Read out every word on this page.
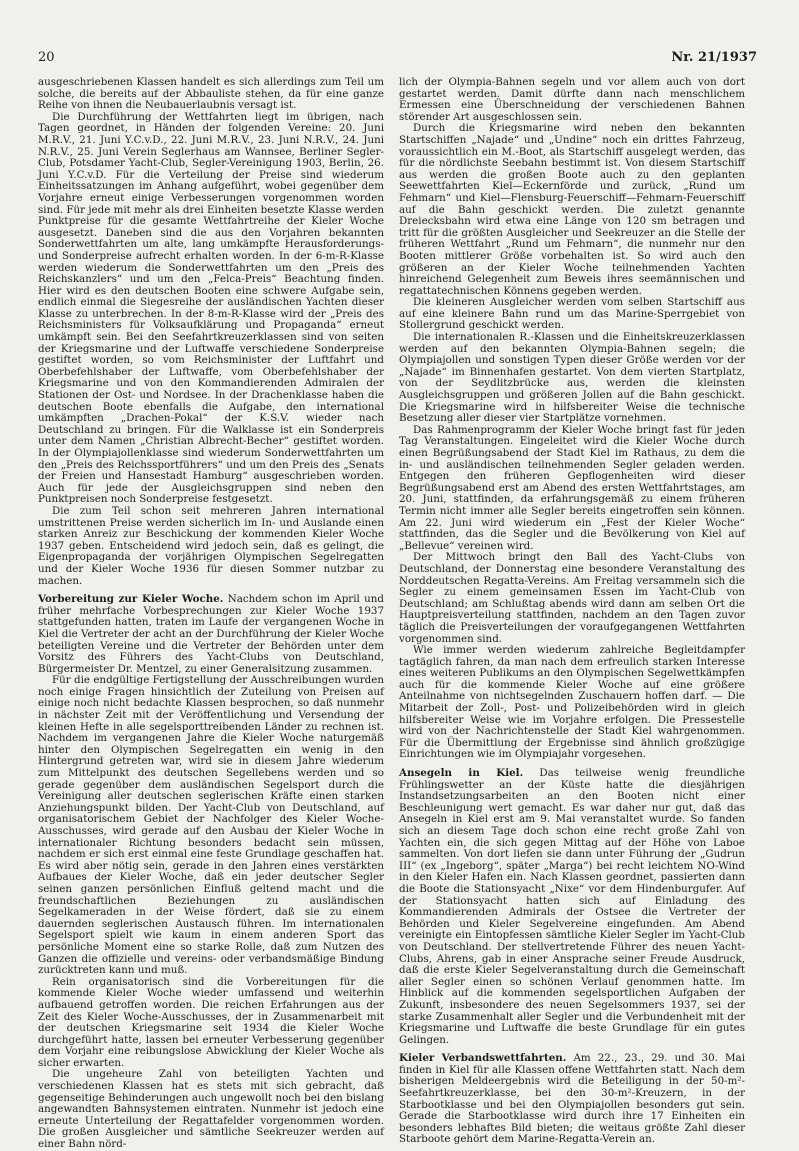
20	Nr. 21/1937

ausgeschriebenen Klassen handelt es sich allerdings zum Teil um solche, die bereits auf der Abbauliste stehen, da für eine ganze Reihe von ihnen die Neubauerlaubnis versagt ist.

Die Durchführung der Wettfahrten liegt im übrigen, nach Tagen geordnet, in Händen der folgenden Vereine: 20. Juni M.R.V., 21. Juni Y.C.v.D., 22. Juni M.R.V., 23. Juni N.R.V., 24. Juni N.R.V., 25. Juni Verein Seglerhaus am Wannsee, Berliner Segler-Club, Potsdamer Yacht-Club, Segler-Vereinigung 1903, Berlin, 26. Juni Y.C.v.D. Für die Verteilung der Preise sind wiederum Einheitssatzungen im Anhang aufgeführt, wobei gegenüber dem Vorjahre erneut einige Verbesserungen vorgenommen worden sind. Für jede mit mehr als drei Einheiten besetzte Klasse werden Punktpreise für die gesamte Wettfahrtreihe der Kieler Woche ausgesetzt. Daneben sind die aus den Vorjahren bekannten Sonderwettfahrten um alte, lang umkämpfte Herausforderungs- und Sonderpreise aufrecht erhalten worden. In der 6-m-R-Klasse werden wiederum die Sonderwettfahrten um den „Preis des Reichskanzlers“ und um den „Felca-Preis“ Beachtung finden. Hier wird es den deutschen Booten eine schwere Aufgabe sein, endlich einmal die Siegesreihe der ausländischen Yachten dieser Klasse zu unterbrechen. In der 8-m-R-Klasse wird der „Preis des Reichsministers für Volksaufklärung und Propaganda“ erneut umkämpft sein. Bei den Seefahrtkreuzerklassen sind von seiten der Kriegsmarine und der Luftwaffe verschiedene Sonderpreise gestiftet worden, so vom Reichsminister der Luftfahrt und Oberbefehlshaber der Luftwaffe, vom Oberbefehlshaber der Kriegsmarine und von den Kommandierenden Admiralen der Stationen der Ost- und Nordsee. In der Drachenklasse haben die deutschen Boote ebenfalls die Aufgabe, den international umkämpften „Drachen-Pokal“ der K.S.V. wieder nach Deutschland zu bringen. Für die Walklasse ist ein Sonderpreis unter dem Namen „Christian Albrecht-Becher“ gestiftet worden. In der Olympiajollenklasse sind wiederum Sonderwettfahrten um den „Preis des Reichssportführers“ und um den Preis des „Senats der Freien und Hansestadt Hamburg“ ausgeschrieben worden. Auch für jede der Ausgleichsgruppen sind neben den Punktpreisen noch Sonderpreise festgesetzt.

Die zum Teil schon seit mehreren Jahren international umstrittenen Preise werden sicherlich im In- und Auslande einen starken Anreiz zur Beschickung der kommenden Kieler Woche 1937 geben. Entscheidend wird jedoch sein, daß es gelingt, die Eigenpropaganda der vorjährigen Olympischen Segelregatten und der Kieler Woche 1936 für diesen Sommer nutzbar zu machen.

Vorbereitung zur Kieler Woche. Nachdem schon im April und früher mehrfache Vorbesprechungen zur Kieler Woche 1937 stattgefunden hatten, traten im Laufe der vergangenen Woche in Kiel die Vertreter der acht an der Durchführung der Kieler Woche beteiligten Vereine und die Vertreter der Behörden unter dem Vorsitz des Führers des Yacht-Clubs von Deutschland, Bürgermeister Dr. Mentzel, zu einer Generalsitzung zusammen.

Für die endgültige Fertigstellung der Ausschreibungen wurden noch einige Fragen hinsichtlich der Zuteilung von Preisen auf einige noch nicht bedachte Klassen besprochen, so daß nunmehr in nächster Zeit mit der Veröffentlichung und Versendung der kleinen Hefte in alle segelsporttreibenden Länder zu rechnen ist. Nachdem im vergangenen Jahre die Kieler Woche naturgemäß hinter den Olympischen Segelregatten ein wenig in den Hintergrund getreten war, wird sie in diesem Jahre wiederum zum Mittelpunkt des deutschen Segellebens werden und so gerade gegenüber dem ausländischen Segelsport durch die Vereinigung aller deutschen seglerischen Kräfte einen starken Anziehungspunkt bilden. Der Yacht-Club von Deutschland, auf organisatorischem Gebiet der Nachfolger des Kieler Woche-Ausschusses, wird gerade auf den Ausbau der Kieler Woche in internationaler Richtung besonders bedacht sein müssen, nachdem er sich erst einmal eine feste Grundlage geschaffen hat. Es wird aber nötig sein, gerade in den Jahren eines verstärkten Aufbaues der Kieler Woche, daß ein jeder deutscher Segler seinen ganzen persönlichen Einfluß geltend macht und die freundschaftlichen Beziehungen zu ausländischen Segelkameraden in der Weise fördert, daß sie zu einem dauernden seglerischen Austausch führen. Im internationalen Segelsport spielt wie kaum in einem anderen Sport das persönliche Moment eine so starke Rolle, daß zum Nutzen des Ganzen die offizielle und vereins- oder verbandsmäßige Bindung zurücktreten kann und muß.

Rein organisatorisch sind die Vorbereitungen für die kommende Kieler Woche wieder umfassend und weiterhin aufbauend getroffen worden. Die reichen Erfahrungen aus der Zeit des Kieler Woche-Ausschusses, der in Zusammenarbeit mit der deutschen Kriegsmarine seit 1934 die Kieler Woche durchgeführt hatte, lassen bei erneuter Verbesserung gegenüber dem Vorjahr eine reibungslose Abwicklung der Kieler Woche als sicher erwarten.

Die ungeheure Zahl von beteiligten Yachten und verschiedenen Klassen hat es stets mit sich gebracht, daß gegenseitige Behinderungen auch ungewollt noch bei den bislang angewandten Bahnsystemen eintraten. Nunmehr ist jedoch eine erneute Unterteilung der Regattafelder vorgenommen worden. Die großen Ausgleicher und sämtliche Seekreuzer werden auf einer Bahn nörd-

lich der Olympia-Bahnen segeln und vor allem auch von dort gestartet werden. Damit dürfte dann nach menschlichem Ermessen eine Überschneidung der verschiedenen Bahnen störender Art ausgeschlossen sein.

Durch die Kriegsmarine wird neben den bekannten Startschiffen „Najade“ und „Undine“ noch ein drittes Fahrzeug, voraussichtlich ein M.-Boot, als Startschiff ausgelegt werden, das für die nördlichste Seebahn bestimmt ist. Von diesem Startschiff aus werden die großen Boote auch zu den geplanten Seewettfahrten Kiel—Eckernförde und zurück, „Rund um Fehmarn“ und Kiel—Flensburg-Feuerschiff—Fehmarn-Feuerschiff auf die Bahn geschickt werden. Die zuletzt genannte Dreiecksbahn wird etwa eine Länge von 120 sm betragen und tritt für die größten Ausgleicher und Seekreuzer an die Stelle der früheren Wettfahrt „Rund um Fehmarn“, die nunmehr nur den Booten mittlerer Größe vorbehalten ist. So wird auch den größeren an der Kieler Woche teilnehmenden Yachten hinreichend Gelegenheit zum Beweis ihres seemännischen und regattatechnischen Könnens gegeben werden.

Die kleineren Ausgleicher werden vom selben Startschiff aus auf eine kleinere Bahn rund um das Marine-Sperrgebiet von Stollergrund geschickt werden.

Die internationalen R.-Klassen und die Einheitskreuzerklassen werden auf den bekannten Olympia-Bahnen segeln; die Olympiajollen und sonstigen Typen dieser Größe werden vor der „Najade“ im Binnenhafen gestartet. Von dem vierten Startplatz, von der Seydlitzbrücke aus, werden die kleinsten Ausgleichsgruppen und größeren Jollen auf die Bahn geschickt. Die Kriegsmarine wird in hilfsbereiter Weise die technische Besetzung aller dieser vier Startplätze vornehmen.

Das Rahmenprogramm der Kieler Woche bringt fast für jeden Tag Veranstaltungen. Eingeleitet wird die Kieler Woche durch einen Begrüßungsabend der Stadt Kiel im Rathaus, zu dem die in- und ausländischen teilnehmenden Segler geladen werden. Entgegen den früheren Gepflogenheiten wird dieser Begrüßungsabend erst am Abend des ersten Wettfahrtstages, am 20. Juni, stattfinden, da erfahrungsgemäß zu einem früheren Termin nicht immer alle Segler bereits eingetroffen sein können. Am 22. Juni wird wiederum ein „Fest der Kieler Woche“ stattfinden, das die Segler und die Bevölkerung von Kiel auf „Bellevue“ vereinen wird.

Der Mittwoch bringt den Ball des Yacht-Clubs von Deutschland, der Donnerstag eine besondere Veranstaltung des Norddeutschen Regatta-Vereins. Am Freitag versammeln sich die Segler zu einem gemeinsamen Essen im Yacht-Club von Deutschland; am Schlußtag abends wird dann am selben Ort die Hauptpreisverteilung stattfinden, nachdem an den Tagen zuvor täglich die Preisverteilungen der voraufgegangenen Wettfahrten vorgenommen sind.

Wie immer werden wiederum zahlreiche Begleitdampfer tagtäglich fahren, da man nach dem erfreulich starken Interesse eines weiteren Publikums an den Olympischen Segelwettkämpfen auch für die kommende Kieler Woche auf eine größere Anteilnahme von nichtsegelnden Zuschauern hoffen darf. — Die Mitarbeit der Zoll-, Post- und Polizeibehörden wird in gleich hilfsbereiter Weise wie im Vorjahre erfolgen. Die Pressestelle wird von der Nachrichtenstelle der Stadt Kiel wahrgenommen. Für die Übermittlung der Ergebnisse sind ähnlich großzügige Einrichtungen wie im Olympiajahr vorgesehen.

Ansegeln in Kiel. Das teilweise wenig freundliche Frühlingswetter an der Küste hatte die diesjährigen Instandsetzungsarbeiten an den Booten nicht einer Beschleunigung wert gemacht. Es war daher nur gut, daß das Ansegeln in Kiel erst am 9. Mai veranstaltet wurde. So fanden sich an diesem Tage doch schon eine recht große Zahl von Yachten ein, die sich gegen Mittag auf der Höhe von Laboe sammelten. Von dort liefen sie dann unter Führung der „Gudrun III“ (ex „Ingeborg“, später „Marga“) bei recht leichtem NO-Wind in den Kieler Hafen ein. Nach Klassen geordnet, passierten dann die Boote die Stationsyacht „Nixe“ vor dem Hindenburgufer. Auf der Stationsyacht hatten sich auf Einladung des Kommandierenden Admirals der Ostsee die Vertreter der Behörden und Kieler Segelvereine eingefunden. Am Abend vereinigte ein Eintopfessen sämtliche Kieler Segler im Yacht-Club von Deutschland. Der stellvertretende Führer des neuen Yacht-Clubs, Ahrens, gab in einer Ansprache seiner Freude Ausdruck, daß die erste Kieler Segelveranstaltung durch die Gemeinschaft aller Segler einen so schönen Verlauf genommen hatte. Im Hinblick auf die kommenden segelsportlichen Aufgaben der Zukunft, insbesondere des neuen Segelsommers 1937, sei der starke Zusammenhalt aller Segler und die Verbundenheit mit der Kriegsmarine und Luftwaffe die beste Grundlage für ein gutes Gelingen.

Kieler Verbandswettfahrten. Am 22., 23., 29. und 30. Mai finden in Kiel für alle Klassen offene Wettfahrten statt. Nach dem bisherigen Meldeergebnis wird die Beteiligung in der 50-m²-Seefahrtkreuzerklasse, bei den 30-m²-Kreuzern, in der Starbootklasse und bei den Olympiajollen besonders gut sein. Gerade die Starbootklasse wird durch ihre 17 Einheiten ein besonders lebhaftes Bild bieten; die weitaus größte Zahl dieser Starboote gehört dem Marine-Regatta-Verein an.
